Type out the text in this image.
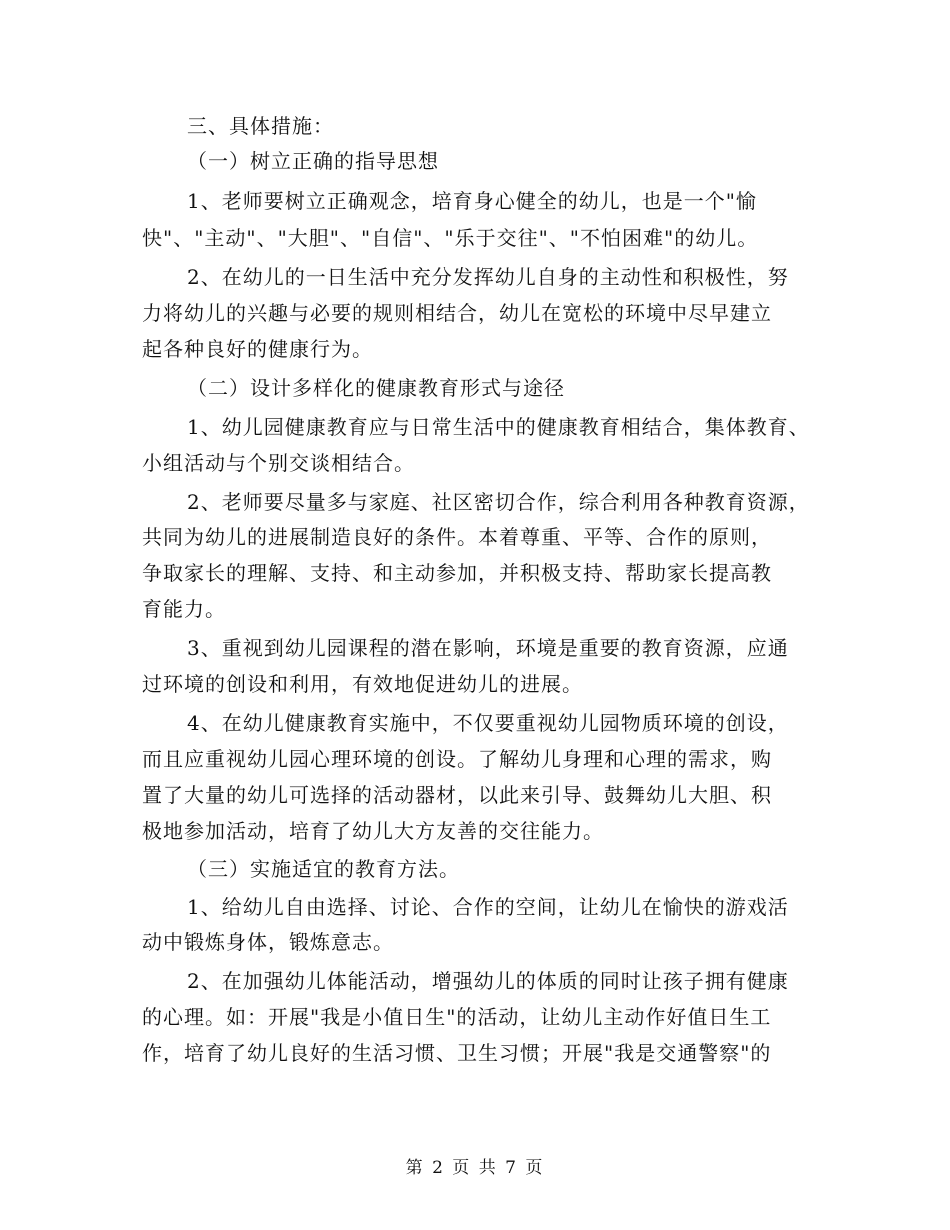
三、具体措施：
（一）树立正确的指导思想
1、老师要树立正确观念，培育身心健全的幼儿，也是一个"愉
快"、"主动"、"大胆"、"自信"、"乐于交往"、"不怕困难"的幼儿。
2、在幼儿的一日生活中充分发挥幼儿自身的主动性和积极性，努
力将幼儿的兴趣与必要的规则相结合，幼儿在宽松的环境中尽早建立
起各种良好的健康行为。
（二）设计多样化的健康教育形式与途径
1、幼儿园健康教育应与日常生活中的健康教育相结合，集体教育、
小组活动与个别交谈相结合。
2、老师要尽量多与家庭、社区密切合作，综合利用各种教育资源，
共同为幼儿的进展制造良好的条件。本着尊重、平等、合作的原则，
争取家长的理解、支持、和主动参加，并积极支持、帮助家长提高教
育能力。
3、重视到幼儿园课程的潜在影响，环境是重要的教育资源，应通
过环境的创设和利用，有效地促进幼儿的进展。
4、在幼儿健康教育实施中，不仅要重视幼儿园物质环境的创设，
而且应重视幼儿园心理环境的创设。了解幼儿身理和心理的需求，购
置了大量的幼儿可选择的活动器材，以此来引导、鼓舞幼儿大胆、积
极地参加活动，培育了幼儿大方友善的交往能力。
（三）实施适宜的教育方法。
1、给幼儿自由选择、讨论、合作的空间，让幼儿在愉快的游戏活
动中锻炼身体，锻炼意志。
2、在加强幼儿体能活动，增强幼儿的体质的同时让孩子拥有健康
的心理。如：开展"我是小值日生"的活动，让幼儿主动作好值日生工
作，培育了幼儿良好的生活习惯、卫生习惯；开展"我是交通警察"的
第 2 页 共 7 页
